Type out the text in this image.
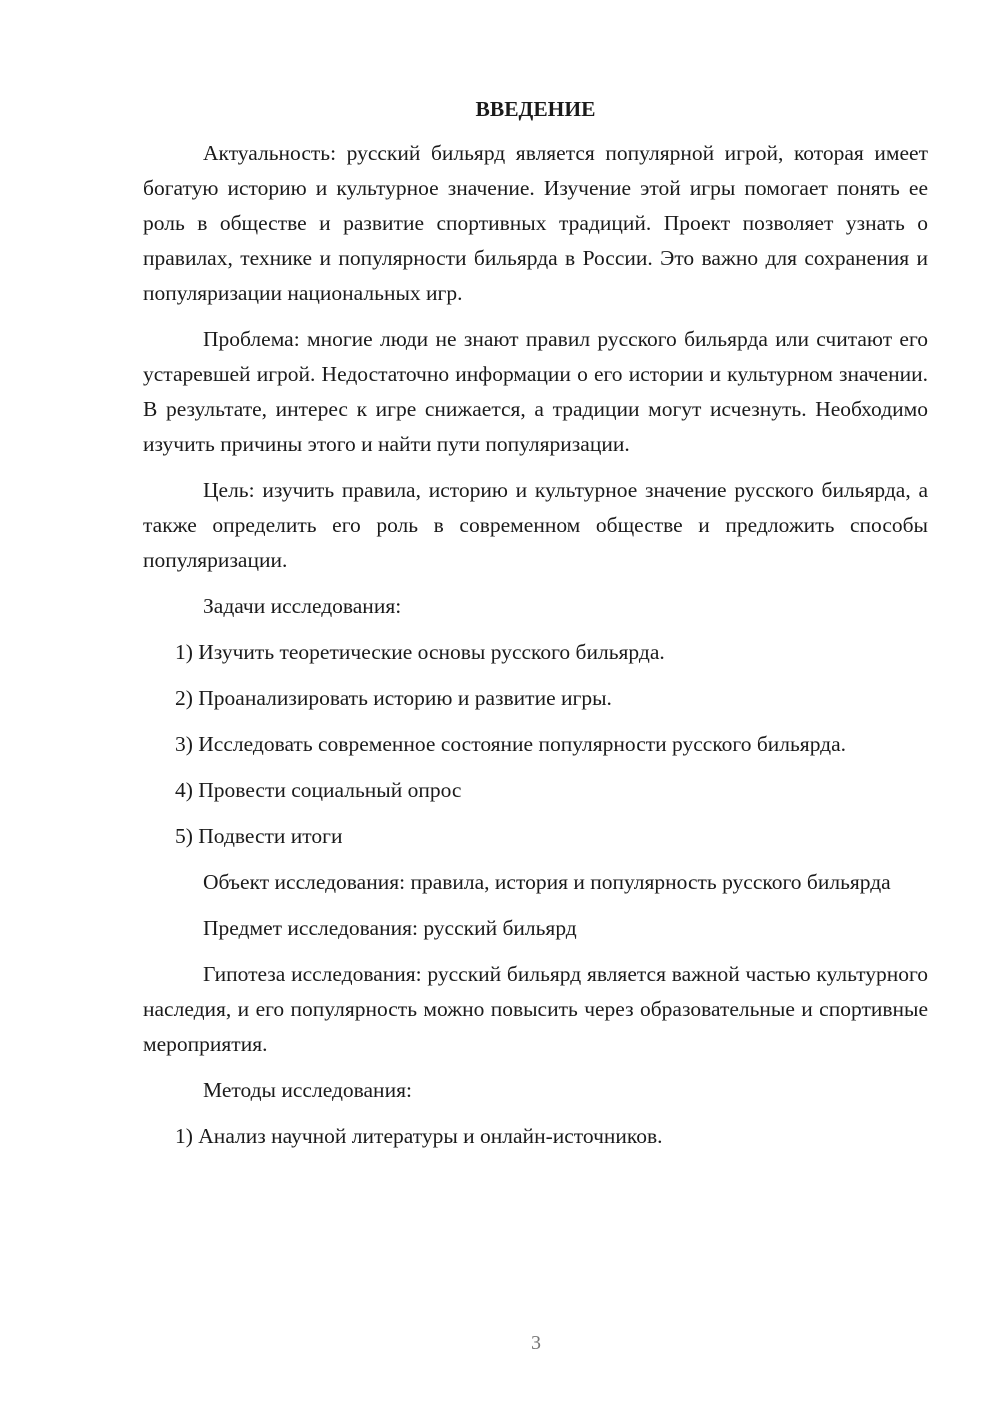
ВВЕДЕНИЕ

Актуальность: русский бильярд является популярной игрой, которая имеет богатую историю и культурное значение. Изучение этой игры помогает понять ее роль в обществе и развитие спортивных традиций. Проект позволяет узнать о правилах, технике и популярности бильярда в России. Это важно для сохранения и популяризации национальных игр.

Проблема: многие люди не знают правил русского бильярда или считают его устаревшей игрой. Недостаточно информации о его истории и культурном значении. В результате, интерес к игре снижается, а традиции могут исчезнуть. Необходимо изучить причины этого и найти пути популяризации.

Цель: изучить правила, историю и культурное значение русского бильярда, а также определить его роль в современном обществе и предложить способы популяризации.

Задачи исследования:

1) Изучить теоретические основы русского бильярда.

2) Проанализировать историю и развитие игры.

3) Исследовать современное состояние популярности русского бильярда.

4) Провести социальный опрос

5) Подвести итоги

Объект исследования: правила, история и популярность русского бильярда

Предмет исследования: русский бильярд

Гипотеза исследования: русский бильярд является важной частью культурного наследия, и его популярность можно повысить через образовательные и спортивные мероприятия.

Методы исследования:

1) Анализ научной литературы и онлайн-источников.

3
